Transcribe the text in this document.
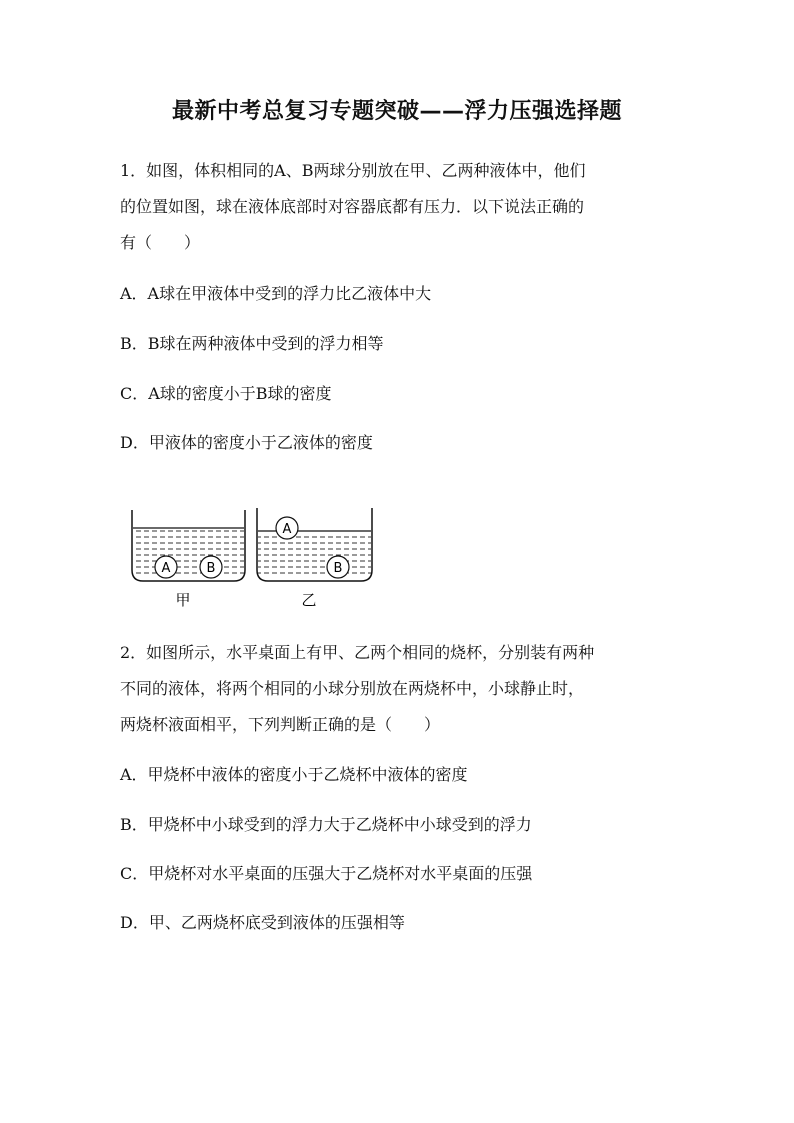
最新中考总复习专题突破——浮力压强选择题
1．如图，体积相同的A、B两球分别放在甲、乙两种液体中，他们
的位置如图，球在液体底部时对容器底都有压力．以下说法正确的
有（　　）
A．A球在甲液体中受到的浮力比乙液体中大
B．B球在两种液体中受到的浮力相等
C．A球的密度小于B球的密度
D．甲液体的密度小于乙液体的密度
A	B
甲
A
B
乙
2．如图所示，水平桌面上有甲、乙两个相同的烧杯，分别装有两种
不同的液体，将两个相同的小球分别放在两烧杯中，小球静止时，
两烧杯液面相平，下列判断正确的是（　　）
A．甲烧杯中液体的密度小于乙烧杯中液体的密度
B．甲烧杯中小球受到的浮力大于乙烧杯中小球受到的浮力
C．甲烧杯对水平桌面的压强大于乙烧杯对水平桌面的压强
D．甲、乙两烧杯底受到液体的压强相等
